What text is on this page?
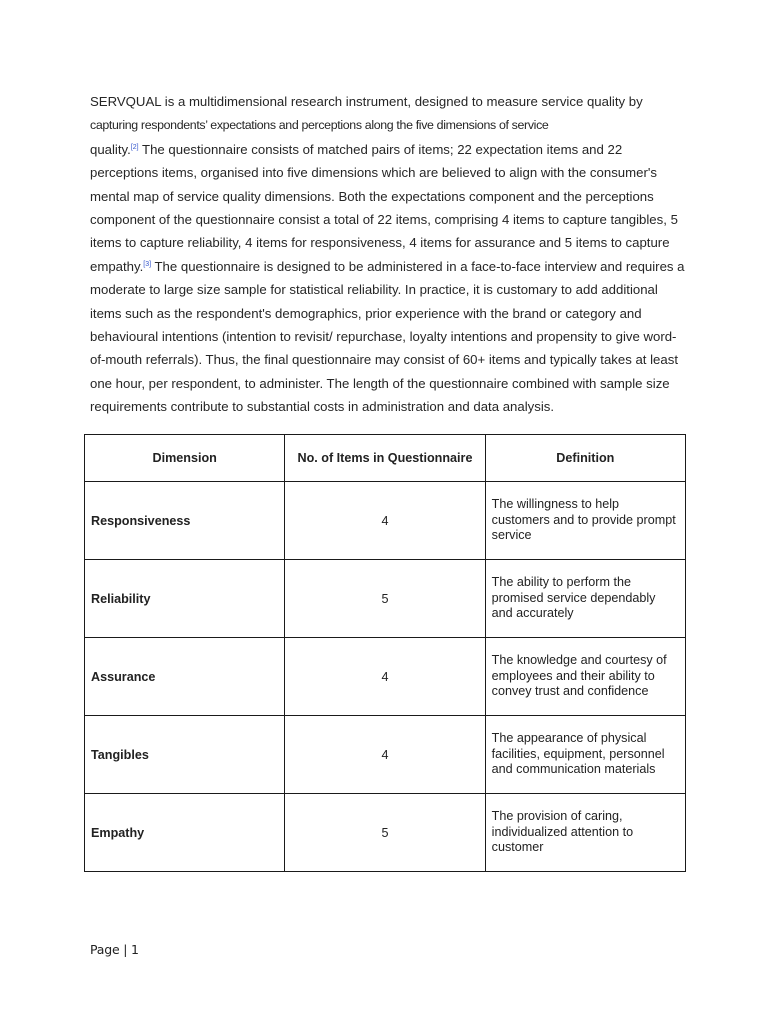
SERVQUAL is a multidimensional research instrument, designed to measure service quality by
capturing respondents’ expectations and perceptions along the five dimensions of service
quality.[2] The questionnaire consists of matched pairs of items; 22 expectation items and 22 perceptions items, organised into five dimensions which are believed to align with the consumer's mental map of service quality dimensions. Both the expectations component and the perceptions component of the questionnaire consist a total of 22 items, comprising 4 items to capture tangibles, 5 items to capture reliability, 4 items for responsiveness, 4 items for assurance and 5 items to capture empathy.[3] The questionnaire is designed to be administered in a face-to-face interview and requires a moderate to large size sample for statistical reliability. In practice, it is customary to add additional items such as the respondent's demographics, prior experience with the brand or category and behavioural intentions (intention to revisit/ repurchase, loyalty intentions and propensity to give word-of-mouth referrals). Thus, the final questionnaire may consist of 60+ items and typically takes at least one hour, per respondent, to administer. The length of the questionnaire combined with sample size requirements contribute to substantial costs in administration and data analysis.
Dimension	No. of Items in Questionnaire	Definition
Responsiveness	4	The willingness to help customers and to provide prompt service
Reliability	5	The ability to perform the promised service dependably and accurately
Assurance	4	The knowledge and courtesy of employees and their ability to convey trust and confidence
Tangibles	4	The appearance of physical facilities, equipment, personnel and communication materials
Empathy	5	The provision of caring, individualized attention to customer
Page | 1
